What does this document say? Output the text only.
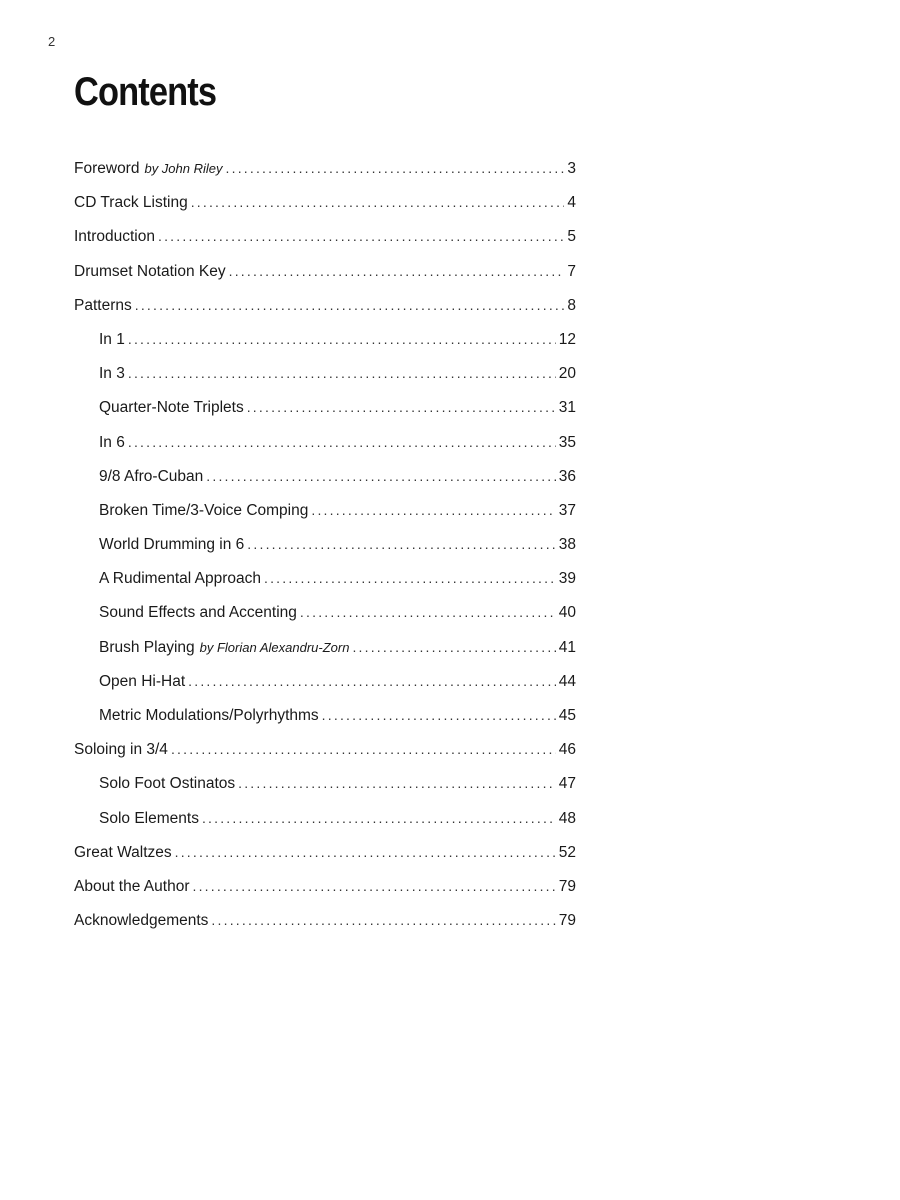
2
Contents
Foreword by John Riley .....	3
CD Track Listing .....	4
Introduction .....	5
Drumset Notation Key .....	7
Patterns .....	8
In 1 .....	12
In 3 .....	20
Quarter-Note Triplets .....	31
In 6 .....	35
9/8 Afro-Cuban .....	36
Broken Time/3-Voice Comping .....	37
World Drumming in 6 .....	38
A Rudimental Approach .....	39
Sound Effects and Accenting .....	40
Brush Playing by Florian Alexandru-Zorn .....	41
Open Hi-Hat .....	44
Metric Modulations/Polyrhythms .....	45
Soloing in 3/4 .....	46
Solo Foot Ostinatos .....	47
Solo Elements .....	48
Great Waltzes .....	52
About the Author .....	79
Acknowledgements .....	79
